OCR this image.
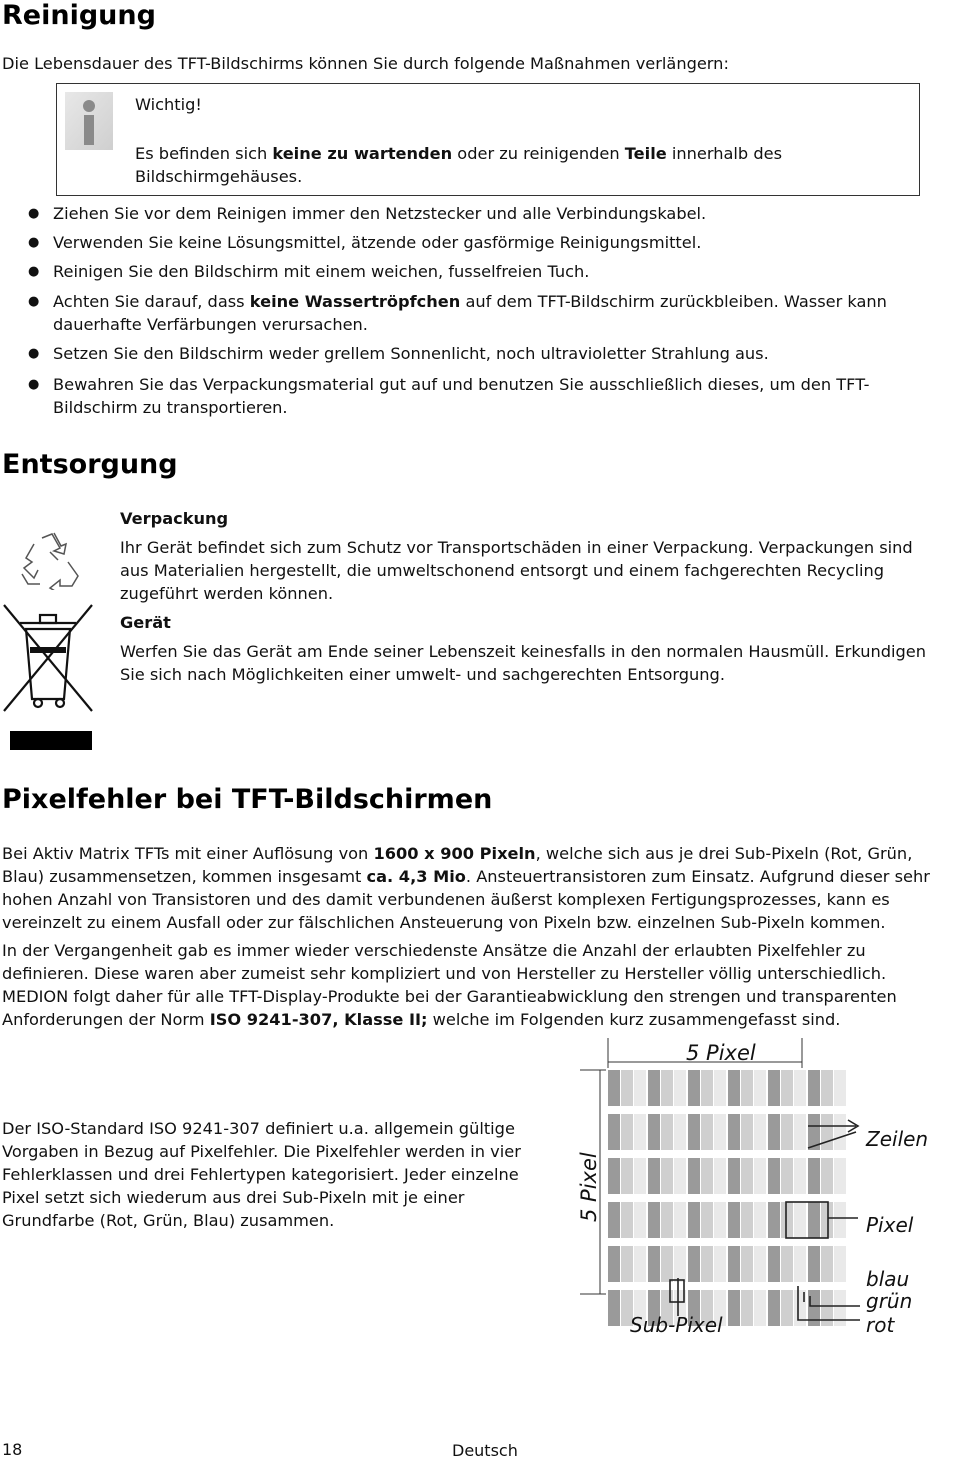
Reinigung
Die Lebensdauer des TFT-Bildschirms können Sie durch folgende Maßnahmen verlängern:
Wichtig!
Es befinden sich keine zu wartenden oder zu reinigenden Teile innerhalb des
Bildschirmgehäuses.
● Ziehen Sie vor dem Reinigen immer den Netzstecker und alle Verbindungskabel.
● Verwenden Sie keine Lösungsmittel, ätzende oder gasförmige Reinigungsmittel.
● Reinigen Sie den Bildschirm mit einem weichen, fusselfreien Tuch.
● Achten Sie darauf, dass keine Wassertröpfchen auf dem TFT-Bildschirm zurückbleiben. Wasser kann
dauerhafte Verfärbungen verursachen.
● Setzen Sie den Bildschirm weder grellem Sonnenlicht, noch ultravioletter Strahlung aus.
● Bewahren Sie das Verpackungsmaterial gut auf und benutzen Sie ausschließlich dieses, um den TFT-
Bildschirm zu transportieren.
Entsorgung
Verpackung
Ihr Gerät befindet sich zum Schutz vor Transportschäden in einer Verpackung. Verpackungen sind
aus Materialien hergestellt, die umweltschonend entsorgt und einem fachgerechten Recycling
zugeführt werden können.
Gerät
Werfen Sie das Gerät am Ende seiner Lebenszeit keinesfalls in den normalen Hausmüll. Erkundigen
Sie sich nach Möglichkeiten einer umwelt- und sachgerechten Entsorgung.
Pixelfehler bei TFT-Bildschirmen
Bei Aktiv Matrix TFTs mit einer Auflösung von 1600 x 900 Pixeln, welche sich aus je drei Sub-Pixeln (Rot, Grün,
Blau) zusammensetzen, kommen insgesamt ca. 4,3 Mio. Ansteuertransistoren zum Einsatz. Aufgrund dieser sehr
hohen Anzahl von Transistoren und des damit verbundenen äußerst komplexen Fertigungsprozesses, kann es
vereinzelt zu einem Ausfall oder zur fälschlichen Ansteuerung von Pixeln bzw. einzelnen Sub-Pixeln kommen.
In der Vergangenheit gab es immer wieder verschiedenste Ansätze die Anzahl der erlaubten Pixelfehler zu
definieren. Diese waren aber zumeist sehr kompliziert und von Hersteller zu Hersteller völlig unterschiedlich.
MEDION folgt daher für alle TFT-Display-Produkte bei der Garantieabwicklung den strengen und transparenten
Anforderungen der Norm ISO 9241-307, Klasse II; welche im Folgenden kurz zusammengefasst sind.
Der ISO-Standard ISO 9241-307 definiert u.a. allgemein gültige
Vorgaben in Bezug auf Pixelfehler. Die Pixelfehler werden in vier
Fehlerklassen und drei Fehlertypen kategorisiert. Jeder einzelne
Pixel setzt sich wiederum aus drei Sub-Pixeln mit je einer
Grundfarbe (Rot, Grün, Blau) zusammen.
5 Pixel
5 Pixel
Zeilen
Pixel
blau
grün
rot
Sub-Pixel
18	Deutsch
